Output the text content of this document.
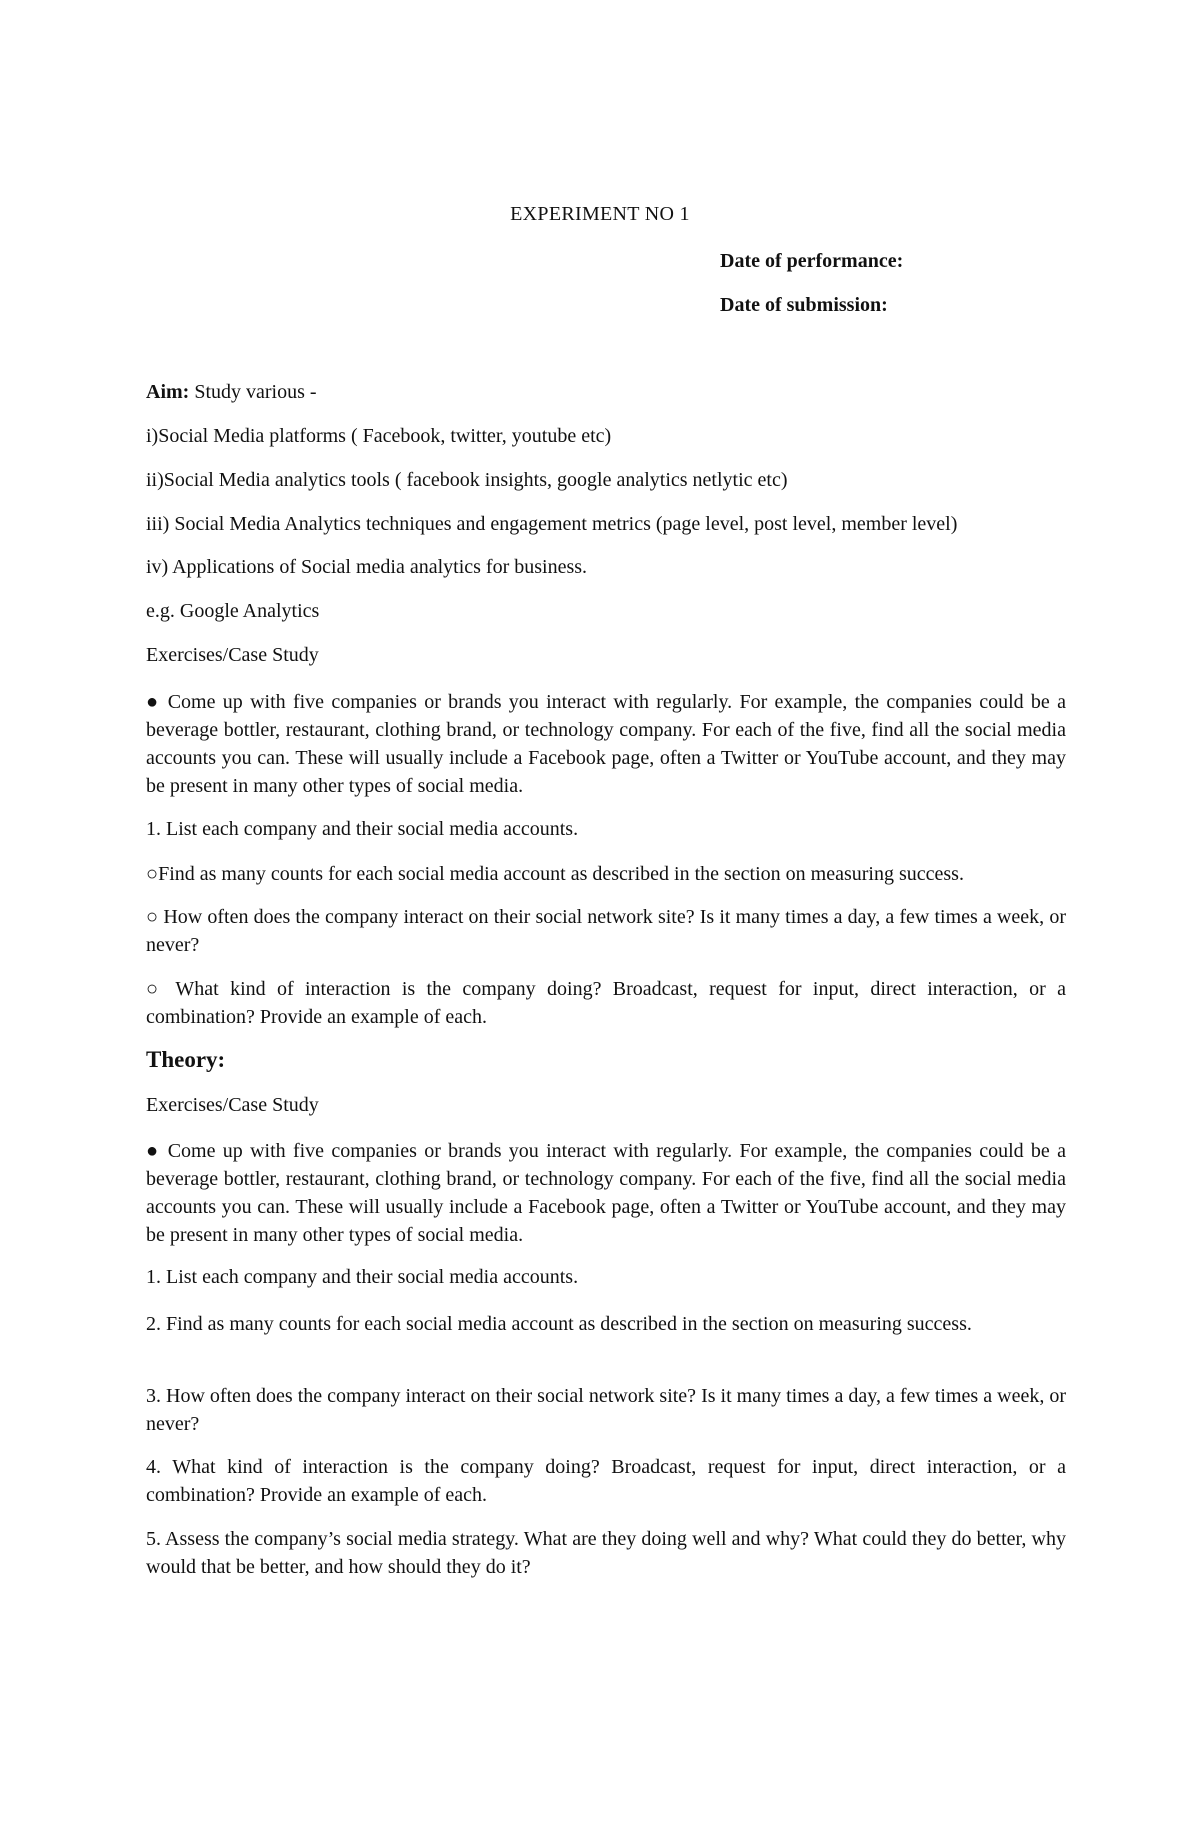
EXPERIMENT NO 1
Date of performance:
Date of submission:
Aim: Study various -
i)Social Media platforms ( Facebook, twitter, youtube etc)
ii)Social Media analytics tools ( facebook insights, google analytics netlytic etc)
iii) Social Media Analytics techniques and engagement metrics (page level, post level, member level)
iv) Applications of Social media analytics for business.
e.g. Google Analytics
Exercises/Case Study
● Come up with five companies or brands you interact with regularly. For example, the companies could be a beverage bottler, restaurant, clothing brand, or technology company. For each of the five, find all the social media accounts you can. These will usually include a Facebook page, often a Twitter or YouTube account, and they may be present in many other types of social media.
1. List each company and their social media accounts.
○Find as many counts for each social media account as described in the section on measuring success.
○ How often does the company interact on their social network site? Is it many times a day, a few times a week, or never?
○ What kind of interaction is the company doing? Broadcast, request for input, direct interaction, or a combination? Provide an example of each.
Theory:
Exercises/Case Study
● Come up with five companies or brands you interact with regularly. For example, the companies could be a beverage bottler, restaurant, clothing brand, or technology company. For each of the five, find all the social media accounts you can. These will usually include a Facebook page, often a Twitter or YouTube account, and they may be present in many other types of social media.
1. List each company and their social media accounts.
2. Find as many counts for each social media account as described in the section on measuring success.
3. How often does the company interact on their social network site? Is it many times a day, a few times a week, or never?
4. What kind of interaction is the company doing? Broadcast, request for input, direct interaction, or a combination? Provide an example of each.
5. Assess the company’s social media strategy. What are they doing well and why? What could they do better, why would that be better, and how should they do it?
